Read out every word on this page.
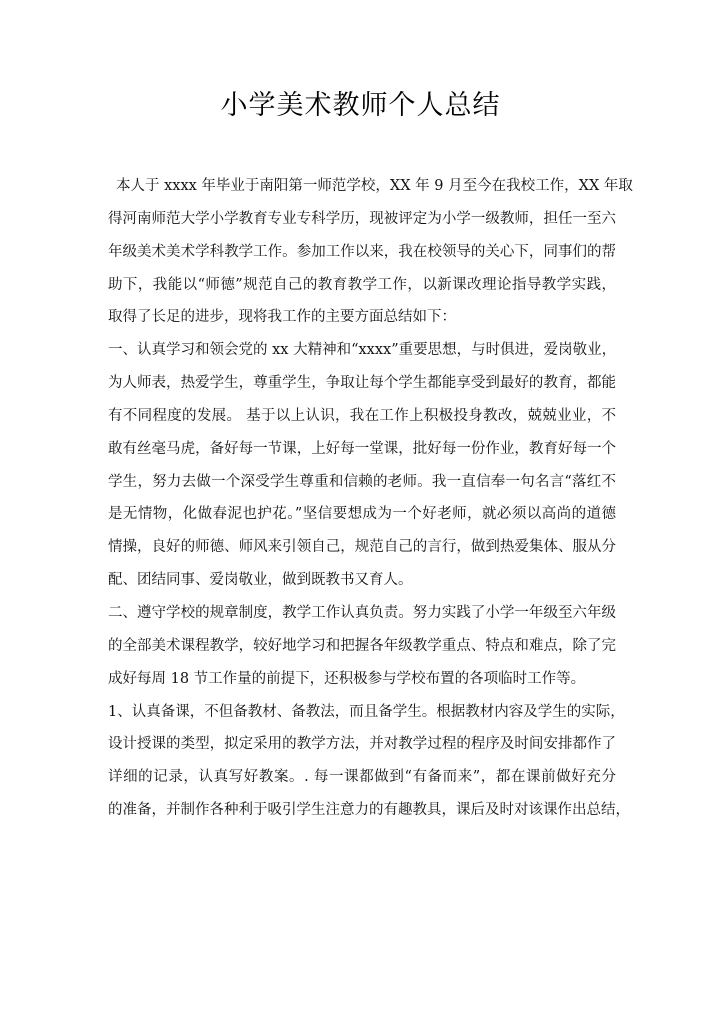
小学美术教师个人总结
本人于 xxxx 年毕业于南阳第一师范学校，XX 年 9 月至今在我校工作，XX 年取
得河南师范大学小学教育专业专科学历，现被评定为小学一级教师，担任一至六
年级美术美术学科教学工作。参加工作以来，我在校领导的关心下，同事们的帮
助下，我能以“师德”规范自己的教育教学工作，以新课改理论指导教学实践，
取得了长足的进步，现将我工作的主要方面总结如下：
一、认真学习和领会党的 xx 大精神和“xxxx”重要思想，与时俱进，爱岗敬业，
为人师表，热爱学生，尊重学生，争取让每个学生都能享受到最好的教育，都能
有不同程度的发展。 基于以上认识，我在工作上积极投身教改，兢兢业业，不
敢有丝毫马虎，备好每一节课，上好每一堂课，批好每一份作业，教育好每一个
学生，努力去做一个深受学生尊重和信赖的老师。我一直信奉一句名言“落红不
是无情物，化做春泥也护花。”坚信要想成为一个好老师，就必须以高尚的道德
情操，良好的师德、师风来引领自己，规范自己的言行，做到热爱集体、服从分
配、团结同事、爱岗敬业，做到既教书又育人。
二、遵守学校的规章制度，教学工作认真负责。努力实践了小学一年级至六年级
的全部美术课程教学，较好地学习和把握各年级教学重点、特点和难点，除了完
成好每周 18 节工作量的前提下，还积极参与学校布置的各项临时工作等。
1、认真备课，不但备教材、备教法，而且备学生。根据教材内容及学生的实际，
设计授课的类型，拟定采用的教学方法，并对教学过程的程序及时间安排都作了
详细的记录，认真写好教案。. 每一课都做到“有备而来”，都在课前做好充分
的准备，并制作各种利于吸引学生注意力的有趣教具，课后及时对该课作出总结，
